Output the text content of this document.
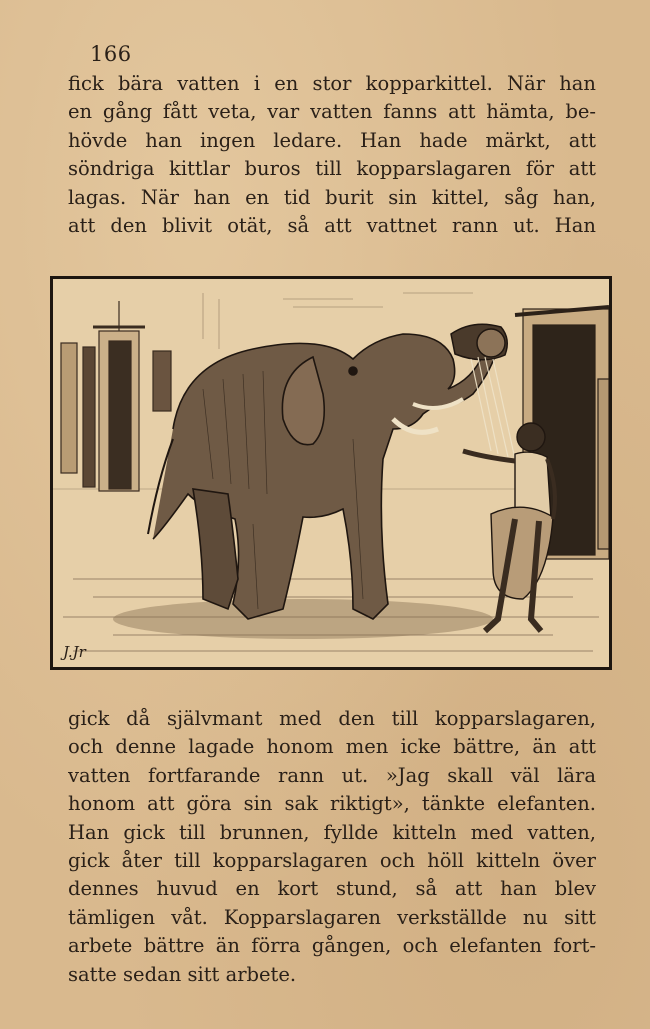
166
fick bära vatten i en stor kopparkittel. När han
en gång fått veta, var vatten fanns att hämta, be-
hövde han ingen ledare. Han hade märkt, att
söndriga kittlar buros till kopparslagaren för att
lagas. När han en tid burit sin kittel, såg han,
att den blivit otät, så att vattnet rann ut. Han
J.Jr
gick då självmant med den till kopparslagaren,
och denne lagade honom men icke bättre, än att
vatten fortfarande rann ut. »Jag skall väl lära
honom att göra sin sak riktigt», tänkte elefanten.
Han gick till brunnen, fyllde kitteln med vatten,
gick åter till kopparslagaren och höll kitteln över
dennes huvud en kort stund, så att han blev
tämligen våt. Kopparslagaren verkställde nu sitt
arbete bättre än förra gången, och elefanten fort-
satte sedan sitt arbete.
